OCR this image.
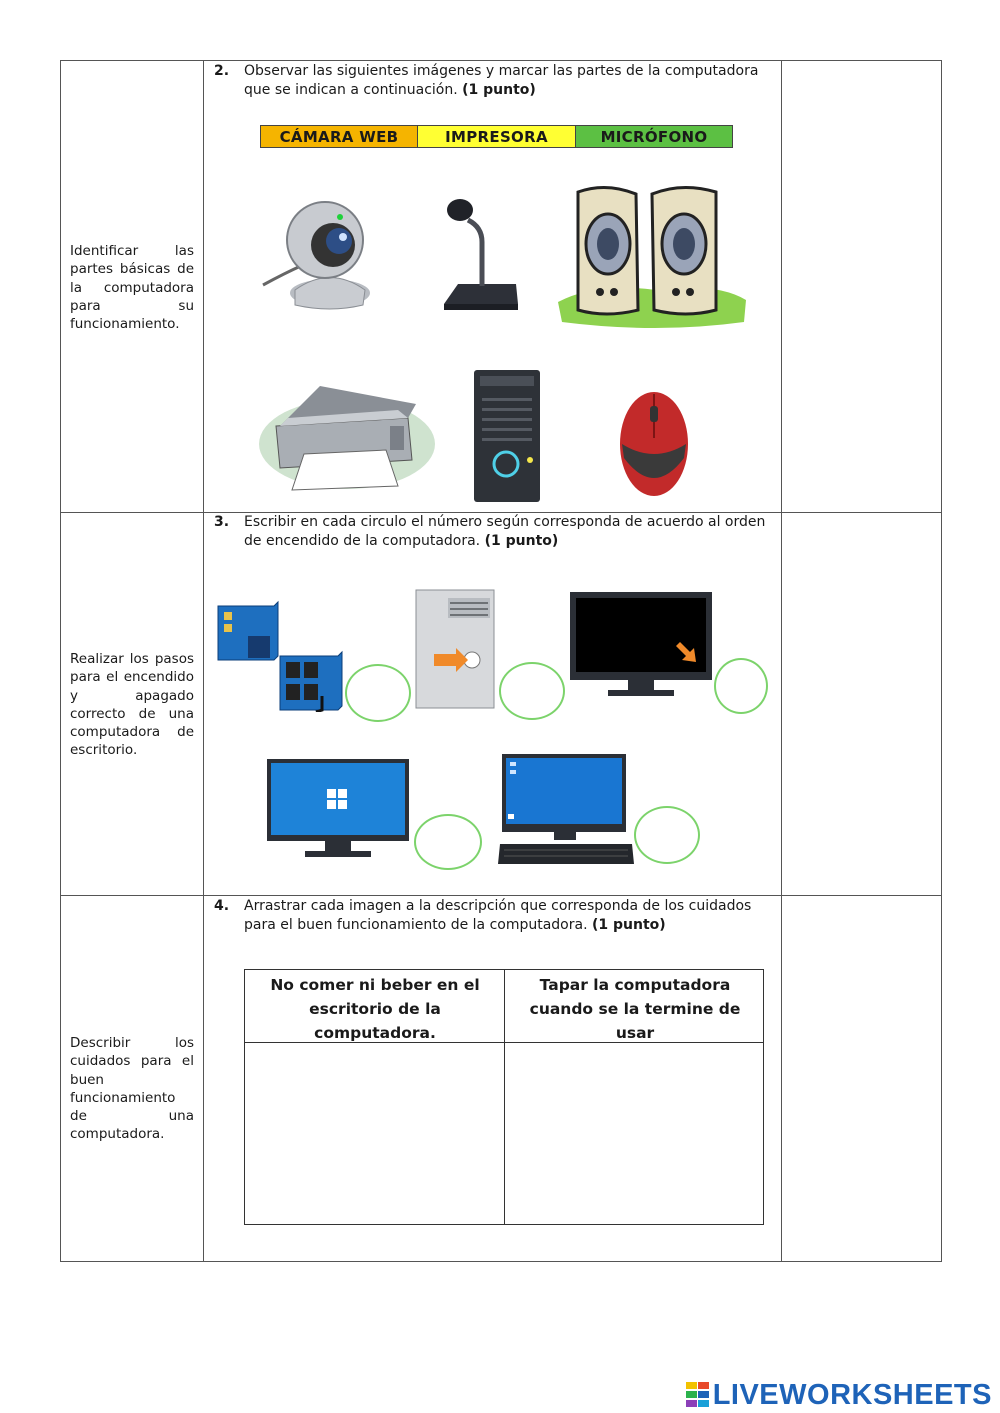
Identificar las partes básicas de la computadora para su funcionamiento.
2. Observar las siguientes imágenes y marcar las partes de la computadora que se indican a continuación. (1 punto)
CÁMARA WEB	IMPRESORA	MICRÓFONO
Realizar los pasos para el encendido y apagado correcto de una computadora de escritorio.
3. Escribir en cada circulo el número según corresponda de acuerdo al orden de encendido de la computadora. (1 punto)
Describir los cuidados para el buen funcionamiento de una computadora.
4. Arrastrar cada imagen a la descripción que corresponda de los cuidados para el buen funcionamiento de la computadora. (1 punto)
No comer ni beber en el escritorio de la computadora.
Tapar la computadora cuando se la termine de usar
LIVEWORKSHEETS
